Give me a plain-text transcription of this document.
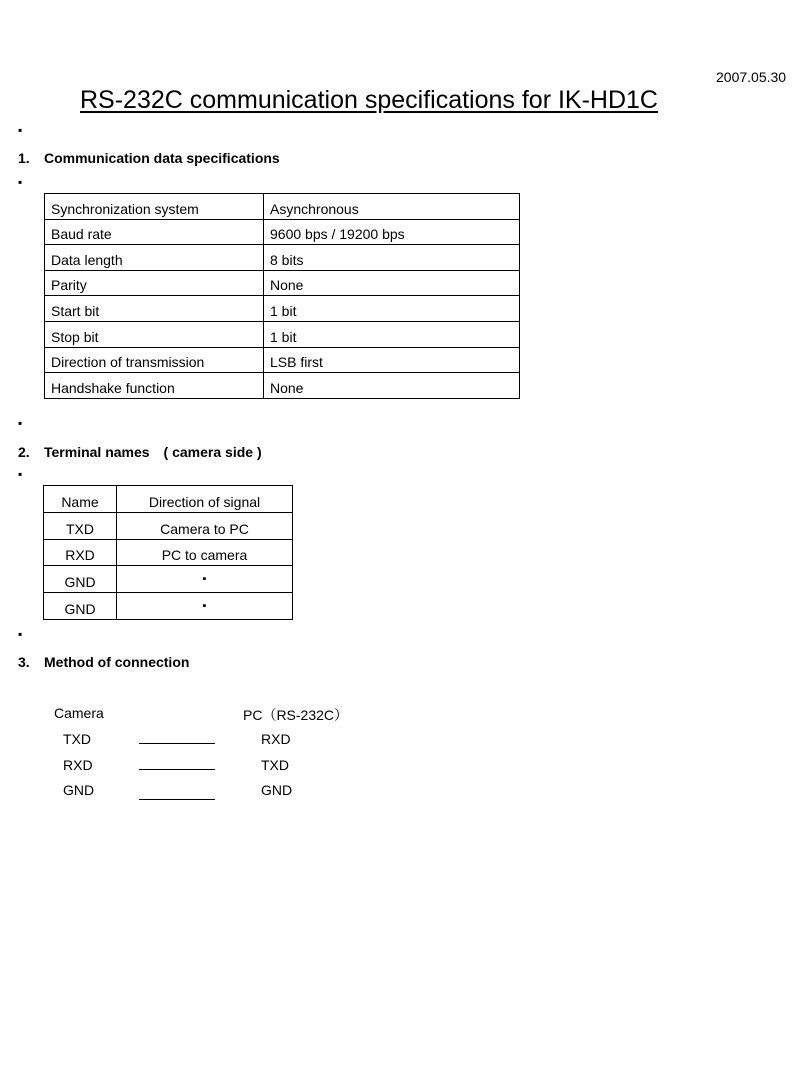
2007.05.30
RS-232C communication specifications for IK-HD1C
▪
1. Communication data specifications
▪
Synchronization system	Asynchronous
Baud rate	9600 bps / 19200 bps
Data length	8 bits
Parity	None
Start bit	1 bit
Stop bit	1 bit
Direction of transmission	LSB first
Handshake function	None
▪
2. Terminal names　( camera side )
▪
Name	Direction of signal
TXD	Camera to PC
RXD	PC to camera
GND	▪
GND	▪
▪
3. Method of connection
Camera	PC（RS-232C）
TXD	RXD
RXD	TXD
GND	GND
